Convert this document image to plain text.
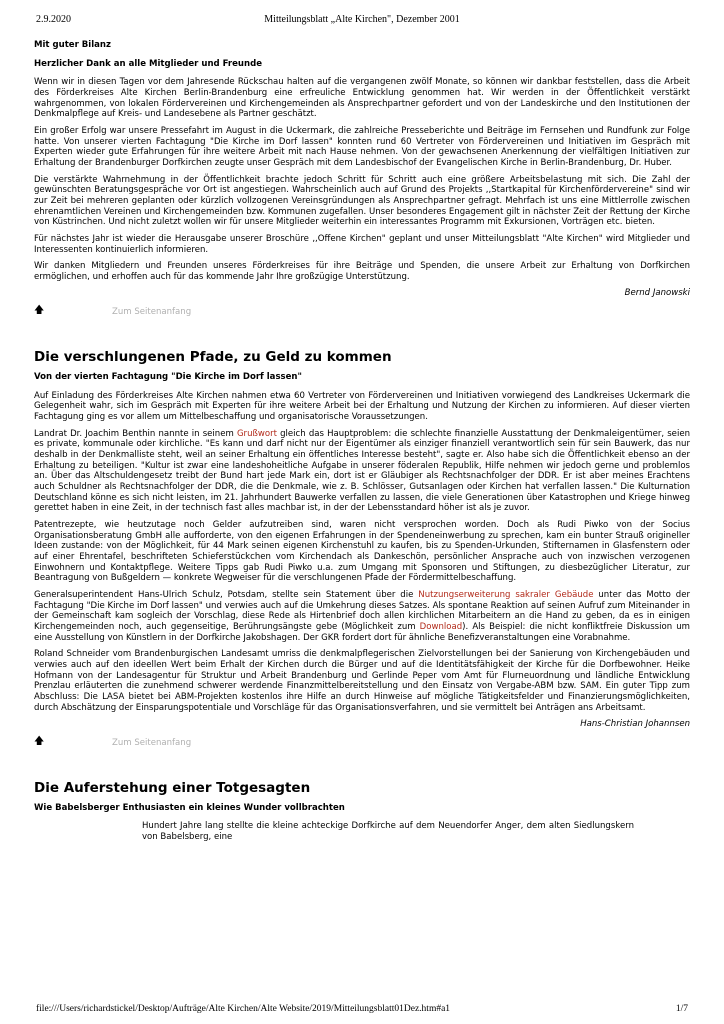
2.9.2020	Mitteilungsblatt „Alte Kirchen", Dezember 2001
Mit guter Bilanz
Herzlicher Dank an alle Mitglieder und Freunde

Wenn wir in diesen Tagen vor dem Jahresende Rückschau halten auf die vergangenen zwölf Monate, so können wir dankbar feststellen, dass die Arbeit des Förderkreises Alte Kirchen Berlin-Brandenburg eine erfreuliche Entwicklung genommen hat. Wir werden in der Öffentlichkeit verstärkt wahrgenommen, von lokalen Fördervereinen und Kirchengemeinden als Ansprechpartner gefordert und von der Landeskirche und den Institutionen der Denkmalpflege auf Kreis- und Landesebene als Partner geschätzt.

Ein großer Erfolg war unsere Pressefahrt im August in die Uckermark, die zahlreiche Presseberichte und Beiträge im Fernsehen und Rundfunk zur Folge hatte. Von unserer vierten Fachtagung "Die Kirche im Dorf lassen" konnten rund 60 Vertreter von Fördervereinen und Initiativen im Gespräch mit Experten wieder gute Erfahrungen für ihre weitere Arbeit mit nach Hause nehmen. Von der gewachsenen Anerkennung der vielfältigen Initiativen zur Erhaltung der Brandenburger Dorfkirchen zeugte unser Gespräch mit dem Landesbischof der Evangelischen Kirche in Berlin-Brandenburg, Dr. Huber.

Die verstärkte Wahrnehmung in der Öffentlichkeit brachte jedoch Schritt für Schritt auch eine größere Arbeitsbelastung mit sich. Die Zahl der gewünschten Beratungsgespräche vor Ort ist angestiegen. Wahrscheinlich auch auf Grund des Projekts ,,Startkapital für Kirchenfördervereine" sind wir zur Zeit bei mehreren geplanten oder kürzlich vollzogenen Vereinsgründungen als Ansprechpartner gefragt. Mehrfach ist uns eine Mittlerrolle zwischen ehrenamtlichen Vereinen und Kirchengemeinden bzw. Kommunen zugefallen. Unser besonderes Engagement gilt in nächster Zeit der Rettung der Kirche von Küstrinchen. Und nicht zuletzt wollen wir für unsere Mitglieder weiterhin ein interessantes Programm mit Exkursionen, Vorträgen etc. bieten.

Für nächstes Jahr ist wieder die Herausgabe unserer Broschüre ,,Offene Kirchen" geplant und unser Mitteilungsblatt "Alte Kirchen" wird Mitglieder und Interessenten kontinuierlich informieren.

Wir danken Mitgliedern und Freunden unseres Förderkreises für ihre Beiträge und Spenden, die unsere Arbeit zur Erhaltung von Dorfkirchen ermöglichen, und erhoffen auch für das kommende Jahr Ihre großzügige Unterstützung.

Bernd Janowski
🡅	Zum Seitenanfang
Die verschlungenen Pfade, zu Geld zu kommen
Von der vierten Fachtagung "Die Kirche im Dorf lassen"

Auf Einladung des Förderkreises Alte Kirchen nahmen etwa 60 Vertreter von Fördervereinen und Initiativen vorwiegend des Landkreises Uckermark die Gelegenheit wahr, sich im Gespräch mit Experten für ihre weitere Arbeit bei der Erhaltung und Nutzung der Kirchen zu informieren. Auf dieser vierten Fachtagung ging es vor allem um Mittelbeschaffung und organisatorische Voraussetzungen.

Landrat Dr. Joachim Benthin nannte in seinem Grußwort gleich das Hauptproblem: die schlechte finanzielle Ausstattung der Denkmaleigentümer, seien es private, kommunale oder kirchliche. "Es kann und darf nicht nur der Eigentümer als einziger finanziell verantwortlich sein für sein Bauwerk, das nur deshalb in der Denkmalliste steht, weil an seiner Erhaltung ein öffentliches Interesse besteht", sagte er. Also habe sich die Öffentlichkeit ebenso an der Erhaltung zu beteiligen. "Kultur ist zwar eine landeshoheitliche Aufgabe in unserer föderalen Republik, Hilfe nehmen wir jedoch gerne und problemlos an. Über das Altschuldengesetz treibt der Bund hart jede Mark ein, dort ist er Gläubiger als Rechtsnachfolger der DDR. Er ist aber meines Erachtens auch Schuldner als Rechtsnachfolger der DDR, die die Denkmale, wie z. B. Schlösser, Gutsanlagen oder Kirchen hat verfallen lassen." Die Kulturnation Deutschland könne es sich nicht leisten, im 21. Jahrhundert Bauwerke verfallen zu lassen, die viele Generationen über Katastrophen und Kriege hinweg gerettet haben in eine Zeit, in der technisch fast alles machbar ist, in der der Lebensstandard höher ist als je zuvor.

Patentrezepte, wie heutzutage noch Gelder aufzutreiben sind, waren nicht versprochen worden. Doch als Rudi Piwko von der Socius Organisationsberatung GmbH alle aufforderte, von den eigenen Erfahrungen in der Spendeneinwerbung zu sprechen, kam ein bunter Strauß origineller Ideen zustande: von der Möglichkeit, für 44 Mark seinen eigenen Kirchenstuhl zu kaufen, bis zu Spenden-Urkunden, Stifternamen in Glasfenstern oder auf einer Ehrentafel, beschrifteten Schieferstückchen vom Kirchendach als Dankeschön, persönlicher Ansprache auch von inzwischen verzogenen Einwohnern und Kontaktpflege. Weitere Tipps gab Rudi Piwko u.a. zum Umgang mit Sponsoren und Stiftungen, zu diesbezüglicher Literatur, zur Beantragung von Bußgeldern — konkrete Wegweiser für die verschlungenen Pfade der Fördermittelbeschaffung.

Generalsuperintendent Hans-Ulrich Schulz, Potsdam, stellte sein Statement über die Nutzungserweiterung sakraler Gebäude unter das Motto der Fachtagung "Die Kirche im Dorf lassen" und verwies auch auf die Umkehrung dieses Satzes. Als spontane Reaktion auf seinen Aufruf zum Miteinander in der Gemeinschaft kam sogleich der Vorschlag, diese Rede als Hirtenbrief doch allen kirchlichen Mitarbeitern an die Hand zu geben, da es in einigen Kirchengemeinden noch, auch gegenseitige, Berührungsängste gebe (Möglichkeit zum Download). Als Beispiel: die nicht konfliktfreie Diskussion um eine Ausstellung von Künstlern in der Dorfkirche Jakobshagen. Der GKR fordert dort für ähnliche Benefizveranstaltungen eine Vorabnahme.

Roland Schneider vom Brandenburgischen Landesamt umriss die denkmalpflegerischen Zielvorstellungen bei der Sanierung von Kirchengebäuden und verwies auch auf den ideellen Wert beim Erhalt der Kirchen durch die Bürger und auf die Identitätsfähigkeit der Kirche für die Dorfbewohner. Heike Hofmann von der Landesagentur für Struktur und Arbeit Brandenburg und Gerlinde Peper vom Amt für Flurneuordnung und ländliche Entwicklung Prenzlau erläuterten die zunehmend schwerer werdende Finanzmittelbereitstellung und den Einsatz von Vergabe-ABM bzw. SAM. Ein guter Tipp zum Abschluss: Die LASA bietet bei ABM-Projekten kostenlos ihre Hilfe an durch Hinweise auf mögliche Tätigkeitsfelder und Finanzierungsmöglichkeiten, durch Abschätzung der Einsparungspotentiale und Vorschläge für das Organisationsverfahren, und sie vermittelt bei Anträgen ans Arbeitsamt.

Hans-Christian Johannsen
🡅	Zum Seitenanfang
Die Auferstehung einer Totgesagten
Wie Babelsberger Enthusiasten ein kleines Wunder vollbrachten

Hundert Jahre lang stellte die kleine achteckige Dorfkirche auf dem Neuendorfer Anger, dem alten Siedlungskern von Babelsberg, eine

file:///Users/richardstickel/Desktop/Aufträge/Alte Kirchen/Alte Website/2019/Mitteilungsblatt01Dez.htm#a1	1/7
